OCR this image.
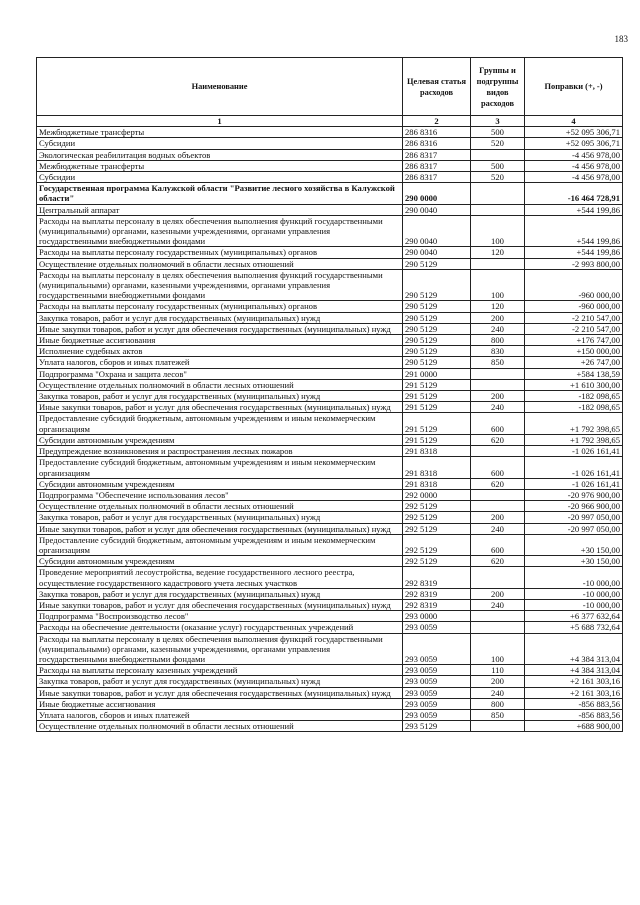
183
Наименование	Целевая статья расходов	Группы и подгруппы видов расходов	Поправки (+, -)
1	2	3	4
Межбюджетные трансферты	286 8316	500	+52 095 306,71
Субсидии	286 8316	520	+52 095 306,71
Экологическая реабилитация водных объектов	286 8317		-4 456 978,00
Межбюджетные трансферты	286 8317	500	-4 456 978,00
Субсидии	286 8317	520	-4 456 978,00
Государственная программа Калужской области "Развитие лесного хозяйства в Калужской области"	290 0000		-16 464 728,91
Центральный аппарат	290 0040		+544 199,86
Расходы на выплаты персоналу в целях обеспечения выполнения функций государственными (муниципальными) органами, казенными учреждениями, органами управления государственными внебюджетными фондами	290 0040	100	+544 199,86
Расходы на выплаты персоналу государственных (муниципальных) органов	290 0040	120	+544 199,86
Осуществление отдельных полномочий в области лесных отношений	290 5129		-2 993 800,00
Расходы на выплаты персоналу в целях обеспечения выполнения функций государственными (муниципальными) органами, казенными учреждениями, органами управления государственными внебюджетными фондами	290 5129	100	-960 000,00
Расходы на выплаты персоналу государственных (муниципальных) органов	290 5129	120	-960 000,00
Закупка товаров, работ и услуг для государственных (муниципальных) нужд	290 5129	200	-2 210 547,00
Иные закупки товаров, работ и услуг для обеспечения государственных (муниципальных) нужд	290 5129	240	-2 210 547,00
Иные бюджетные ассигнования	290 5129	800	+176 747,00
Исполнение судебных актов	290 5129	830	+150 000,00
Уплата налогов, сборов и иных платежей	290 5129	850	+26 747,00
Подпрограмма "Охрана и защита лесов"	291 0000		+584 138,59
Осуществление отдельных полномочий в области лесных отношений	291 5129		+1 610 300,00
Закупка товаров, работ и услуг для государственных (муниципальных) нужд	291 5129	200	-182 098,65
Иные закупки товаров, работ и услуг для обеспечения государственных (муниципальных) нужд	291 5129	240	-182 098,65
Предоставление субсидий бюджетным, автономным учреждениям и иным некоммерческим организациям	291 5129	600	+1 792 398,65
Субсидии автономным учреждениям	291 5129	620	+1 792 398,65
Предупреждение возникновения и распространения лесных пожаров	291 8318		-1 026 161,41
Предоставление субсидий бюджетным, автономным учреждениям и иным некоммерческим организациям	291 8318	600	-1 026 161,41
Субсидии автономным учреждениям	291 8318	620	-1 026 161,41
Подпрограмма "Обеспечение использования лесов"	292 0000		-20 976 900,00
Осуществление отдельных полномочий в области лесных отношений	292 5129		-20 966 900,00
Закупка товаров, работ и услуг для государственных (муниципальных) нужд	292 5129	200	-20 997 050,00
Иные закупки товаров, работ и услуг для обеспечения государственных (муниципальных) нужд	292 5129	240	-20 997 050,00
Предоставление субсидий бюджетным, автономным учреждениям и иным некоммерческим организациям	292 5129	600	+30 150,00
Субсидии автономным учреждениям	292 5129	620	+30 150,00
Проведение мероприятий лесоустройства, ведение государственного лесного реестра, осуществление государственного кадастрового учета лесных участков	292 8319		-10 000,00
Закупка товаров, работ и услуг для государственных (муниципальных) нужд	292 8319	200	-10 000,00
Иные закупки товаров, работ и услуг для обеспечения государственных (муниципальных) нужд	292 8319	240	-10 000,00
Подпрограмма "Воспроизводство лесов"	293 0000		+6 377 632,64
Расходы на обеспечение деятельности (оказание услуг) государственных учреждений	293 0059		+5 688 732,64
Расходы на выплаты персоналу в целях обеспечения выполнения функций государственными (муниципальными) органами, казенными учреждениями, органами управления государственными внебюджетными фондами	293 0059	100	+4 384 313,04
Расходы на выплаты персоналу казенных учреждений	293 0059	110	+4 384 313,04
Закупка товаров, работ и услуг для государственных (муниципальных) нужд	293 0059	200	+2 161 303,16
Иные закупки товаров, работ и услуг для обеспечения государственных (муниципальных) нужд	293 0059	240	+2 161 303,16
Иные бюджетные ассигнования	293 0059	800	-856 883,56
Уплата налогов, сборов и иных платежей	293 0059	850	-856 883,56
Осуществление отдельных полномочий в области лесных отношений	293 5129		+688 900,00
